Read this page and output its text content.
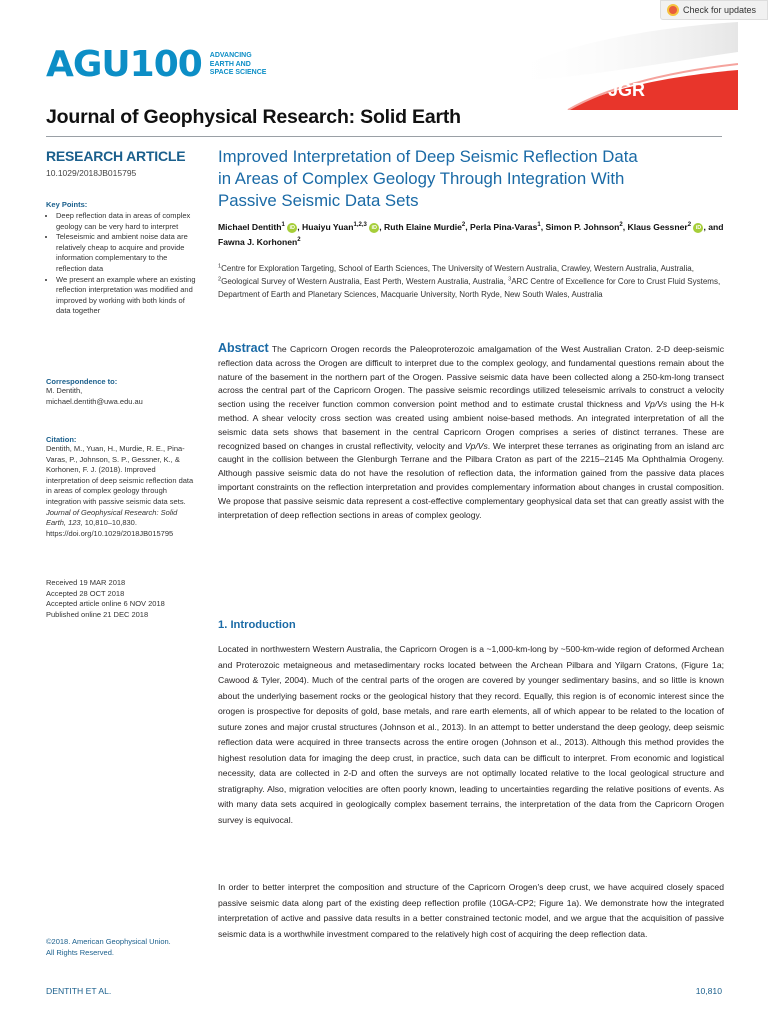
Check for updates
AGU100 ADVANCING
EARTH AND
SPACE SCIENCE
JGR
Journal of Geophysical Research: Solid Earth
RESEARCH ARTICLE
10.1029/2018JB015795
Key Points:
• Deep reflection data in areas of complex geology can be very hard to interpret
• Teleseismic and ambient noise data are relatively cheap to acquire and provide information complementary to the reflection data
• We present an example where an existing reflection interpretation was modified and improved by working with both kinds of data together
Correspondence to:
M. Dentith,
michael.dentith@uwa.edu.au
Citation:
Dentith, M., Yuan, H., Murdie, R. E., Pina-Varas, P., Johnson, S. P., Gessner, K., & Korhonen, F. J. (2018). Improved interpretation of deep seismic reflection data in areas of complex geology through integration with passive seismic data sets. Journal of Geophysical Research: Solid Earth, 123, 10,810–10,830. https://doi.org/10.1029/2018JB015795
Received 19 MAR 2018
Accepted 28 OCT 2018
Accepted article online 6 NOV 2018
Published online 21 DEC 2018
©2018. American Geophysical Union.
All Rights Reserved.
Improved Interpretation of Deep Seismic Reflection Data in Areas of Complex Geology Through Integration With Passive Seismic Data Sets
Michael Dentith$^1$ iD , Huaiyu Yuan$^{1,2,3}$ iD , Ruth Elaine Murdie$^2$, Perla Pina-Varas$^1$, Simon P. Johnson$^2$, Klaus Gessner$^2$ iD , and Fawna J. Korhonen$^2$
$^1$Centre for Exploration Targeting, School of Earth Sciences, The University of Western Australia, Crawley, Western Australia, Australia, $^2$Geological Survey of Western Australia, East Perth, Western Australia, Australia, $^3$ARC Centre of Excellence for Core to Crust Fluid Systems, Department of Earth and Planetary Sciences, Macquarie University, North Ryde, New South Wales, Australia
Abstract The Capricorn Orogen records the Paleoproterozoic amalgamation of the West Australian Craton. 2-D deep-seismic reflection data across the Orogen are difficult to interpret due to the complex geology, and fundamental questions remain about the nature of the basement in the northern part of the Orogen. Passive seismic data have been collected along a 250-km-long transect across the central part of the Capricorn Orogen. The passive seismic recordings utilized teleseismic arrivals to construct a velocity section using the receiver function common conversion point method and to estimate crustal thickness and Vp/Vs using the H-k method. A shear velocity cross section was created using ambient noise-based methods. An integrated interpretation of all the seismic data sets shows that basement in the central Capricorn Orogen comprises a series of distinct terranes. These are recognized based on changes in crustal reflectivity, velocity and Vp/Vs. We interpret these terranes as originating from an island arc caught in the collision between the Glenburgh Terrane and the Pilbara Craton as part of the 2215–2145 Ma Ophthalmia Orogeny. Although passive seismic data do not have the resolution of reflection data, the information gained from the passive data places important constraints on the reflection interpretation and provides complementary information about changes in crustal composition. We propose that passive seismic data represent a cost-effective complementary geophysical data set that can greatly assist with the interpretation of deep reflection sections in areas of complex geology.
1. Introduction
Located in northwestern Western Australia, the Capricorn Orogen is a ~1,000-km-long by ~500-km-wide region of deformed Archean and Proterozoic metaigneous and metasedimentary rocks located between the Archean Pilbara and Yilgarn Cratons, (Figure 1a; Cawood & Tyler, 2004). Much of the central parts of the orogen are covered by younger sedimentary basins, and so little is known about the underlying basement rocks or the geological history that they record. Equally, this region is of economic interest since the orogen is prospective for deposits of gold, base metals, and rare earth elements, all of which appear to be related to the location of suture zones and major crustal structures (Johnson et al., 2013). In an attempt to better understand the deep geology, deep seismic reflection data were acquired in three transects across the entire orogen (Johnson et al., 2013). Although this method provides the highest resolution data for imaging the deep crust, in practice, such data can be difficult to interpret. From economic and logistical necessity, data are collected in 2-D and often the surveys are not optimally located relative to the local geological structure and stratigraphy. Also, migration velocities are often poorly known, leading to uncertainties regarding the relative positions of events. As with many data sets acquired in geologically complex basement terrains, the interpretation of the data from the Capricorn Orogen survey is equivocal.
In order to better interpret the composition and structure of the Capricorn Orogen's deep crust, we have acquired closely spaced passive seismic data along part of the existing deep reflection profile (10GA-CP2; Figure 1a). We demonstrate how the integrated interpretation of active and passive data results in a better constrained tectonic model, and we argue that the acquisition of passive seismic data is a worthwhile investment compared to the relatively high cost of acquiring the deep reflection data.
DENTITH ET AL.	10,810
